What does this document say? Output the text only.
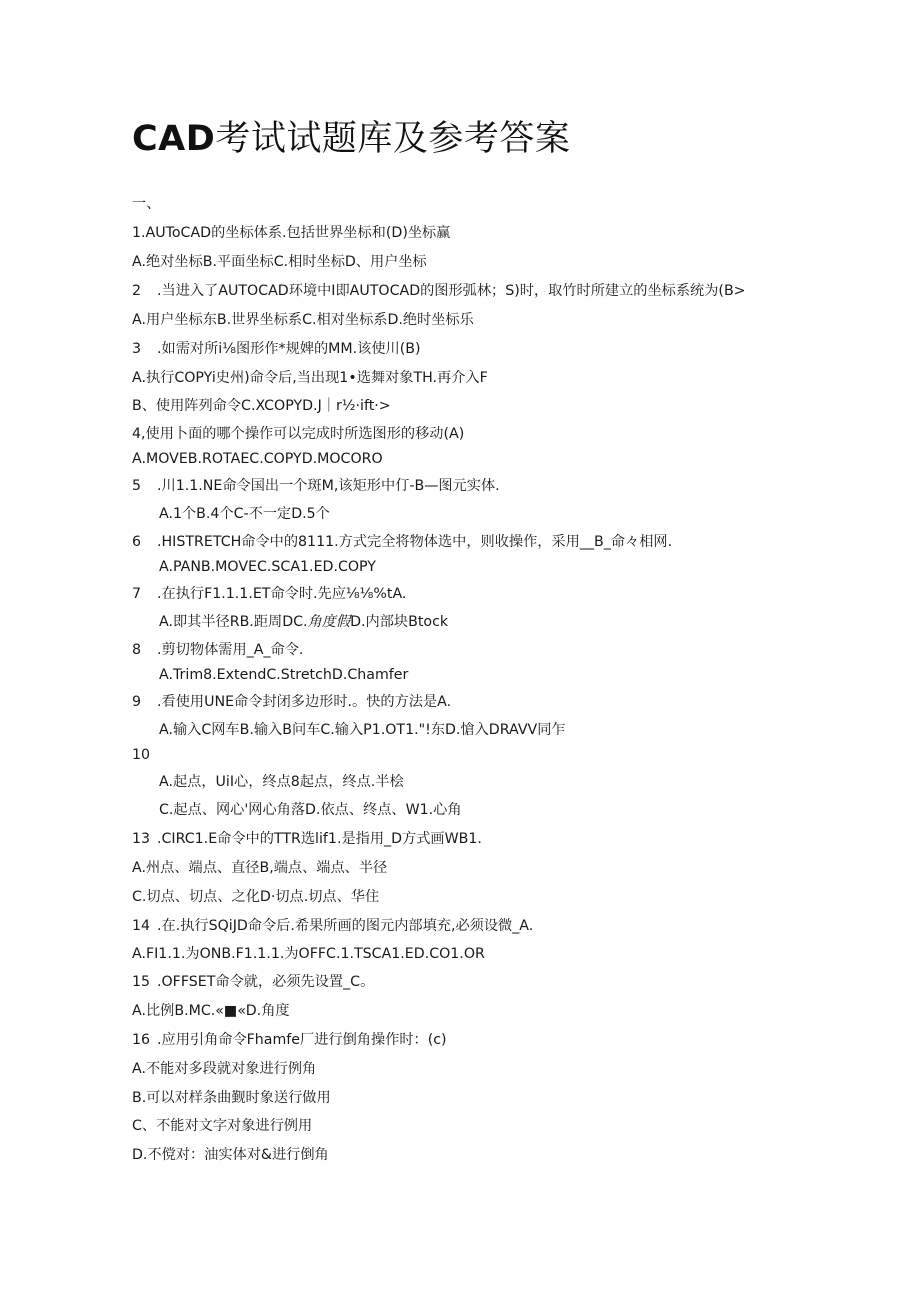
CAD考试试题库及参考答案
一、
1.AUToCAD的坐标体系.包括世界坐标和(D)坐标赢
A.绝对坐标B.平面坐标C.相时坐标D、用户坐标
2 .当进入了AUTOCAD环境中I即AUTOCAD的图形弧林；S)时，取竹时所建立的坐标系统为(B>
A.用户坐标东B.世界坐标系C.相对坐标系D.绝时坐标乐
3 .如需对所i⅛图形作*规婢的MM.该使川(B)
A.执行COPYi史州)命令后,当出现1•选舞对象TH.再介入F
B、使用阵列命令C.XCOPYD.J｜r½·ift·>
4,使用卜面的哪个操作可以完成时所选图形的移动(A)
A.MOVEB.ROTAEC.COPYD.MOCORO
5 .川1.1.NE命令国出一个斑M,该矩形中仃-B—图元实体.
A.1个B.4个C-不一定D.5个
6 .HISTRETCH命令中的8111.方式完全将物体选中，则收操作，采用__B_命々相网.
A.PANB.MOVEC.SCA1.ED.COPY
7 .在执行F1.1.1.ET命令时.先应⅛⅛%tA.
A.即其半径RB.距周DC.角度假D.内部块Btock
8 .剪切物体需用_A_命令.
A.Trim8.ExtendC.StretchD.Chamfer
9 .看使用UNE命令封闭多边形时.。快的方法是A.
A.输入C网车B.输入B问车C.输入P1.OT1."!东D.愴入DRAVV同乍
10
A.起点，UiI心，终点8起点，终点.半桧
C.起点、网心'网心角落D.依点、终点、W1.心角
13 .CIRC1.E命令中的TTR选lif1.是指用_D方式画WB1.
A.州点、端点、直径B,端点、端点、半径
C.切点、切点、之化D·切点.切点、华住
14 .在.执行SQiJD命令后.希果所画的图元内部填充,必须设微_A.
A.FI1.1.为ONB.F1.1.1.为OFFC.1.TSCA1.ED.CO1.OR
15 .OFFSET命令就，必须先设置_C。
A.比例B.MC.«■«D.角度
16 .应用引角命令Fhamfe厂进行倒角操作时：(c)
A.不能对多段就对象进行例角
B.可以对样条曲觐时象送行做用
C、不能对文字对象进行例用
D.不傥对：油实体对&进行倒角
